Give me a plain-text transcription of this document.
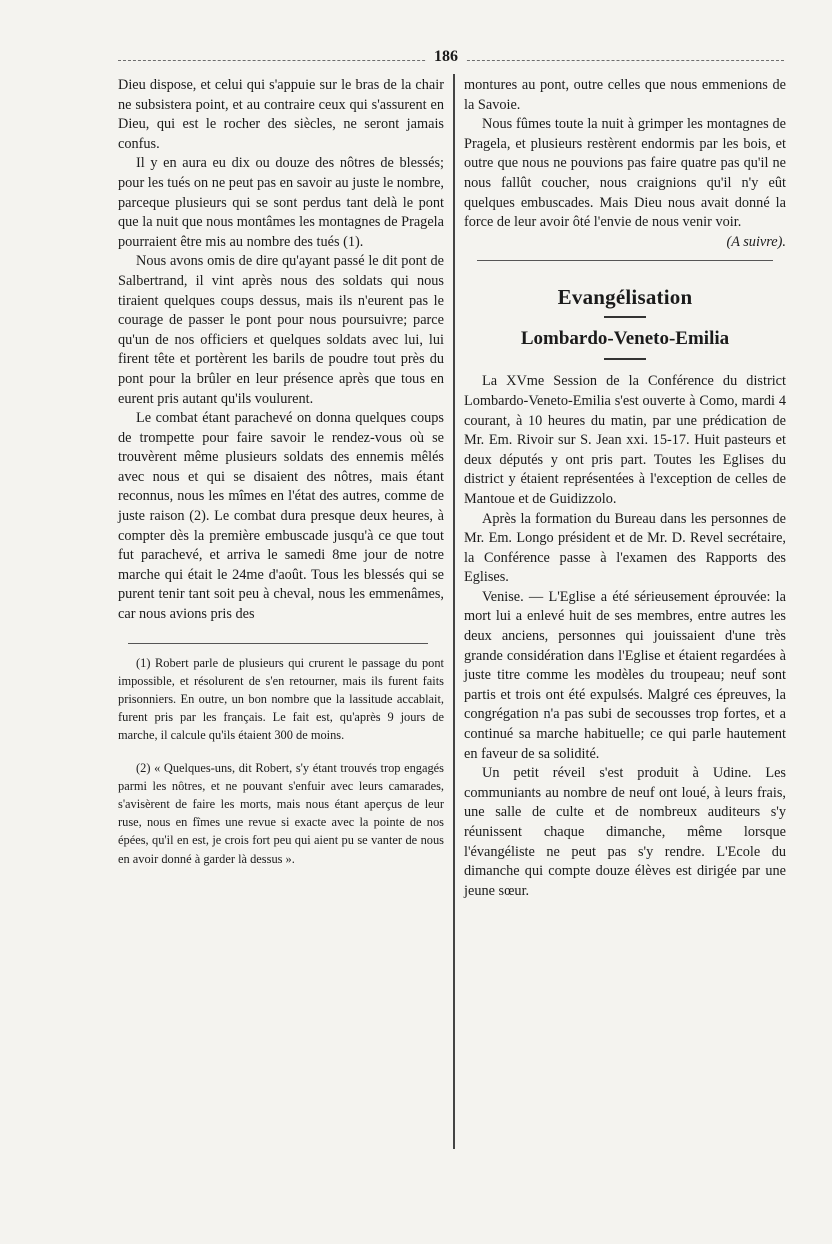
186

Dieu dispose, et celui qui s'appuie sur le bras de la chair ne subsistera point, et au contraire ceux qui s'assurent en Dieu, qui est le rocher des siècles, ne seront jamais confus.

Il y en aura eu dix ou douze des nôtres de blessés; pour les tués on ne peut pas en savoir au juste le nombre, parceque plusieurs qui se sont perdus tant delà le pont que la nuit que nous montâmes les montagnes de Pragela pourraient être mis au nombre des tués (1).

Nous avons omis de dire qu'ayant passé le dit pont de Salbertrand, il vint après nous des soldats qui nous tiraient quelques coups dessus, mais ils n'eurent pas le courage de passer le pont pour nous poursuivre; parce qu'un de nos officiers et quelques soldats avec lui, lui firent tête et portèrent les barils de poudre tout près du pont pour la brûler en leur présence après que tous en eurent pris autant qu'ils voulurent.

Le combat étant parachevé on donna quelques coups de trompette pour faire savoir le rendez-vous où se trouvèrent même plusieurs soldats des ennemis mêlés avec nous et qui se disaient des nôtres, mais étant reconnus, nous les mîmes en l'état des autres, comme de juste raison (2). Le combat dura presque deux heures, à compter dès la première embuscade jusqu'à ce que tout fut parachevé, et arriva le samedi 8me jour de notre marche qui était le 24me d'août. Tous les blessés qui se purent tenir tant soit peu à cheval, nous les emmenâmes, car nous avions pris des

(1) Robert parle de plusieurs qui crurent le passage du pont impossible, et résolurent de s'en retourner, mais ils furent faits prisonniers. En outre, un bon nombre que la lassitude accablait, furent pris par les français. Le fait est, qu'après 9 jours de marche, il calcule qu'ils étaient 300 de moins.

(2) « Quelques-uns, dit Robert, s'y étant trouvés trop engagés parmi les nôtres, et ne pouvant s'enfuir avec leurs camarades, s'avisèrent de faire les morts, mais nous étant aperçus de leur ruse, nous en fîmes une revue si exacte avec la pointe de nos épées, qu'il en est, je crois fort peu qui aient pu se vanter de nous en avoir donné à garder là dessus ».

montures au pont, outre celles que nous emmenions de la Savoie.

Nous fûmes toute la nuit à grimper les montagnes de Pragela, et plusieurs restèrent endormis par les bois, et outre que nous ne pouvions pas faire quatre pas qu'il ne nous fallût coucher, nous craignions qu'il n'y eût quelques embuscades. Mais Dieu nous avait donné la force de leur avoir ôté l'envie de nous venir voir.
(A suivre).

Evangélisation
Lombardo-Veneto-Emilia

La XVme Session de la Conférence du district Lombardo-Veneto-Emilia s'est ouverte à Como, mardi 4 courant, à 10 heures du matin, par une prédication de Mr. Em. Rivoir sur S. Jean xxi. 15-17. Huit pasteurs et deux députés y ont pris part. Toutes les Eglises du district y étaient représentées à l'exception de celles de Mantoue et de Guidizzolo.

Après la formation du Bureau dans les personnes de Mr. Em. Longo président et de Mr. D. Revel secrétaire, la Conférence passe à l'examen des Rapports des Eglises.

Venise. — L'Eglise a été sérieusement éprouvée: la mort lui a enlevé huit de ses membres, entre autres les deux anciens, personnes qui jouissaient d'une très grande considération dans l'Eglise et étaient regardées à juste titre comme les modèles du troupeau; neuf sont partis et trois ont été expulsés. Malgré ces épreuves, la congrégation n'a pas subi de secousses trop fortes, et a continué sa marche habituelle; ce qui parle hautement en faveur de sa solidité.

Un petit réveil s'est produit à Udine. Les communiants au nombre de neuf ont loué, à leurs frais, une salle de culte et de nombreux auditeurs s'y réunissent chaque dimanche, même lorsque l'évangéliste ne peut pas s'y rendre. L'Ecole du dimanche qui compte douze élèves est dirigée par une jeune sœur.
